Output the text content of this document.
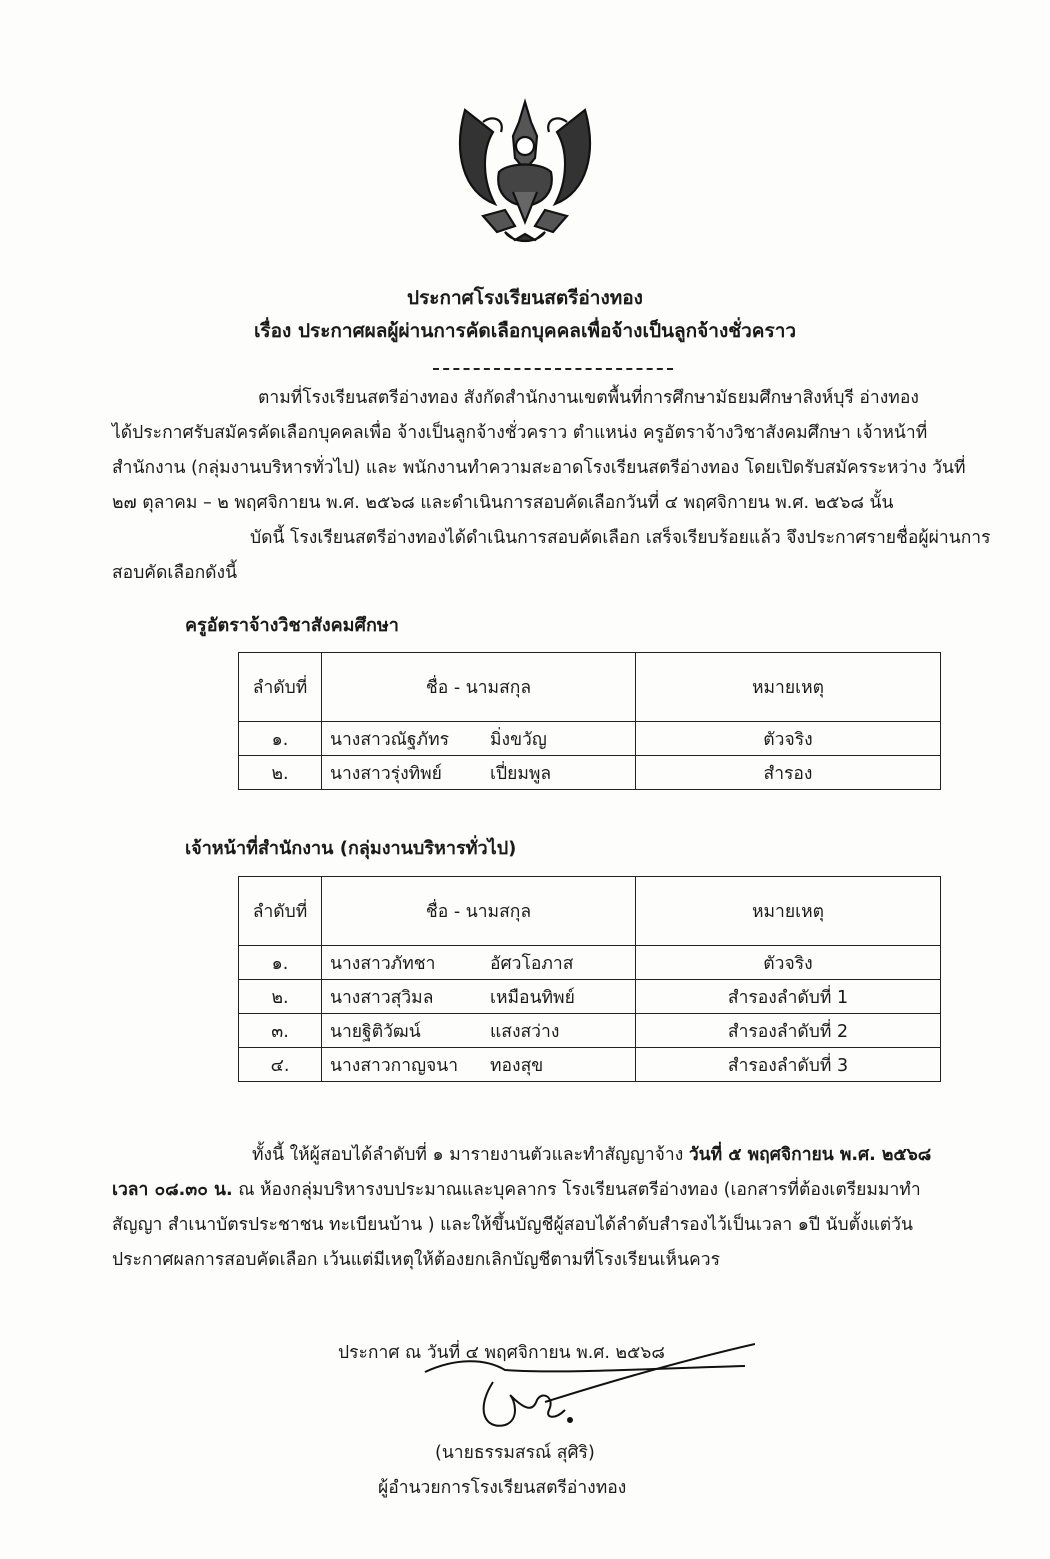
ประกาศโรงเรียนสตรีอ่างทอง
เรื่อง ประกาศผลผู้ผ่านการคัดเลือกบุคคลเพื่อจ้างเป็นลูกจ้างชั่วคราว
ตามที่โรงเรียนสตรีอ่างทอง สังกัดสำนักงานเขตพื้นที่การศึกษามัธยมศึกษาสิงห์บุรี อ่างทอง
ได้ประกาศรับสมัครคัดเลือกบุคคลเพื่อ จ้างเป็นลูกจ้างชั่วคราว ตำแหน่ง ครูอัตราจ้างวิชาสังคมศึกษา เจ้าหน้าที่
สำนักงาน (กลุ่มงานบริหารทั่วไป) และ พนักงานทำความสะอาดโรงเรียนสตรีอ่างทอง โดยเปิดรับสมัครระหว่าง วันที่
๒๗ ตุลาคม – ๒ พฤศจิกายน พ.ศ. ๒๕๖๘ และดำเนินการสอบคัดเลือกวันที่ ๔ พฤศจิกายน พ.ศ. ๒๕๖๘ นั้น
บัดนี้ โรงเรียนสตรีอ่างทองได้ดำเนินการสอบคัดเลือก เสร็จเรียบร้อยแล้ว จึงประกาศรายชื่อผู้ผ่านการ
สอบคัดเลือกดังนี้
ครูอัตราจ้างวิชาสังคมศึกษา
ลำดับที่	ชื่อ - นามสกุล	หมายเหตุ
๑.	นางสาวณัฐภัทร มิ่งขวัญ	ตัวจริง
๒.	นางสาวรุ่งทิพย์ เปี่ยมพูล	สำรอง
เจ้าหน้าที่สำนักงาน (กลุ่มงานบริหารทั่วไป)
ลำดับที่	ชื่อ - นามสกุล	หมายเหตุ
๑.	นางสาวภัทชา อัศวโอภาส	ตัวจริง
๒.	นางสาวสุวิมล เหมือนทิพย์	สำรองลำดับที่ 1
๓.	นายฐิติวัฒน์ แสงสว่าง	สำรองลำดับที่ 2
๔.	นางสาวกาญจนา ทองสุข	สำรองลำดับที่ 3
ทั้งนี้ ให้ผู้สอบได้ลำดับที่ ๑ มารายงานตัวและทำสัญญาจ้าง วันที่ ๕ พฤศจิกายน พ.ศ. ๒๕๖๘
เวลา ๐๘.๓๐ น. ณ ห้องกลุ่มบริหารงบประมาณและบุคลากร โรงเรียนสตรีอ่างทอง (เอกสารที่ต้องเตรียมมาทำ
สัญญา สำเนาบัตรประชาชน ทะเบียนบ้าน ) และให้ขึ้นบัญชีผู้สอบได้ลำดับสำรองไว้เป็นเวลา ๑ปี นับตั้งแต่วัน
ประกาศผลการสอบคัดเลือก เว้นแต่มีเหตุให้ต้องยกเลิกบัญชีตามที่โรงเรียนเห็นควร
ประกาศ ณ วันที่ ๔ พฤศจิกายน พ.ศ. ๒๕๖๘
(นายธรรมสรณ์ สุศิริ)
ผู้อำนวยการโรงเรียนสตรีอ่างทอง
